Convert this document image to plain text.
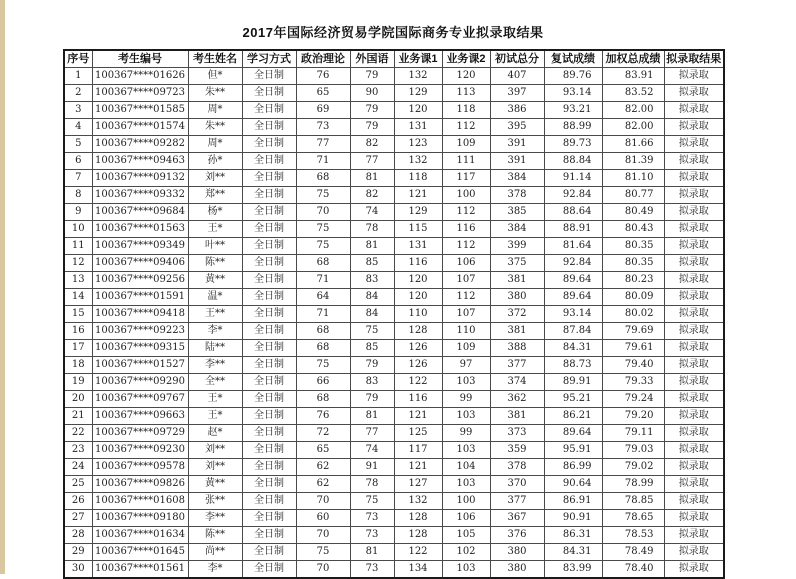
2017年国际经济贸易学院国际商务专业拟录取结果
序号	考生编号	考生姓名	学习方式	政治理论	外国语	业务课1	业务课2	初试总分	复试成绩	加权总成绩	拟录取结果
1	100367****01626	但*	全日制	76	79	132	120	407	89.76	83.91	拟录取
2	100367****09723	朱**	全日制	65	90	129	113	397	93.14	83.52	拟录取
3	100367****01585	周*	全日制	69	79	120	118	386	93.21	82.00	拟录取
4	100367****01574	朱**	全日制	73	79	131	112	395	88.99	82.00	拟录取
5	100367****09282	周*	全日制	77	82	123	109	391	89.73	81.66	拟录取
6	100367****09463	孙*	全日制	71	77	132	111	391	88.84	81.39	拟录取
7	100367****09132	刘**	全日制	68	81	118	117	384	91.14	81.10	拟录取
8	100367****09332	郑**	全日制	75	82	121	100	378	92.84	80.77	拟录取
9	100367****09684	杨*	全日制	70	74	129	112	385	88.64	80.49	拟录取
10	100367****01563	王*	全日制	75	78	115	116	384	88.91	80.43	拟录取
11	100367****09349	叶**	全日制	75	81	131	112	399	81.64	80.35	拟录取
12	100367****09406	陈**	全日制	68	85	116	106	375	92.84	80.35	拟录取
13	100367****09256	黄**	全日制	71	83	120	107	381	89.64	80.23	拟录取
14	100367****01591	温*	全日制	64	84	120	112	380	89.64	80.09	拟录取
15	100367****09418	王**	全日制	71	84	110	107	372	93.14	80.02	拟录取
16	100367****09223	李*	全日制	68	75	128	110	381	87.84	79.69	拟录取
17	100367****09315	陆**	全日制	68	85	126	109	388	84.31	79.61	拟录取
18	100367****01527	李**	全日制	75	79	126	97	377	88.73	79.40	拟录取
19	100367****09290	全**	全日制	66	83	122	103	374	89.91	79.33	拟录取
20	100367****09767	王*	全日制	68	79	116	99	362	95.21	79.24	拟录取
21	100367****09663	王*	全日制	76	81	121	103	381	86.21	79.20	拟录取
22	100367****09729	赵*	全日制	72	77	125	99	373	89.64	79.11	拟录取
23	100367****09230	刘**	全日制	65	74	117	103	359	95.91	79.03	拟录取
24	100367****09578	刘**	全日制	62	91	121	104	378	86.99	79.02	拟录取
25	100367****09826	黄**	全日制	62	78	127	103	370	90.64	78.99	拟录取
26	100367****01608	张**	全日制	70	75	132	100	377	86.91	78.85	拟录取
27	100367****09180	李**	全日制	60	73	128	106	367	90.91	78.65	拟录取
28	100367****01634	陈**	全日制	70	73	128	105	376	86.31	78.53	拟录取
29	100367****01645	尚**	全日制	75	81	122	102	380	84.31	78.49	拟录取
30	100367****01561	李*	全日制	70	73	134	103	380	83.99	78.40	拟录取
